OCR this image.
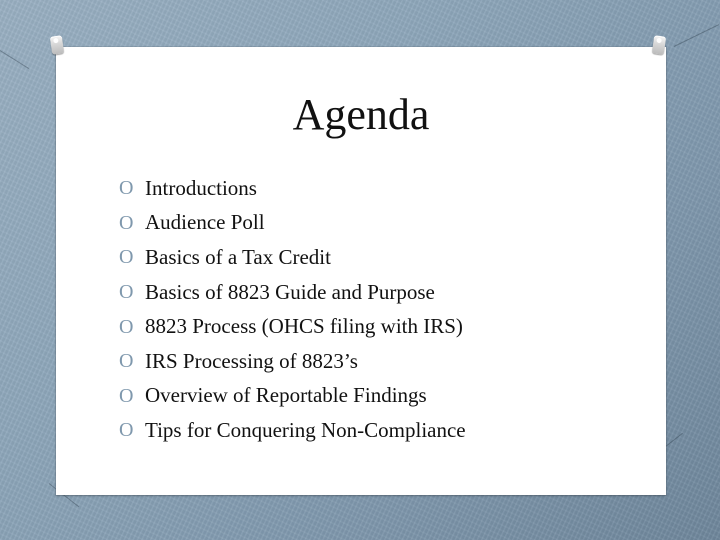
Agenda
O Introductions
O Audience Poll
O Basics of a Tax Credit
O Basics of 8823 Guide and Purpose
O 8823 Process (OHCS filing with IRS)
O IRS Processing of 8823’s
O Overview of Reportable Findings
O Tips for Conquering Non-Compliance
